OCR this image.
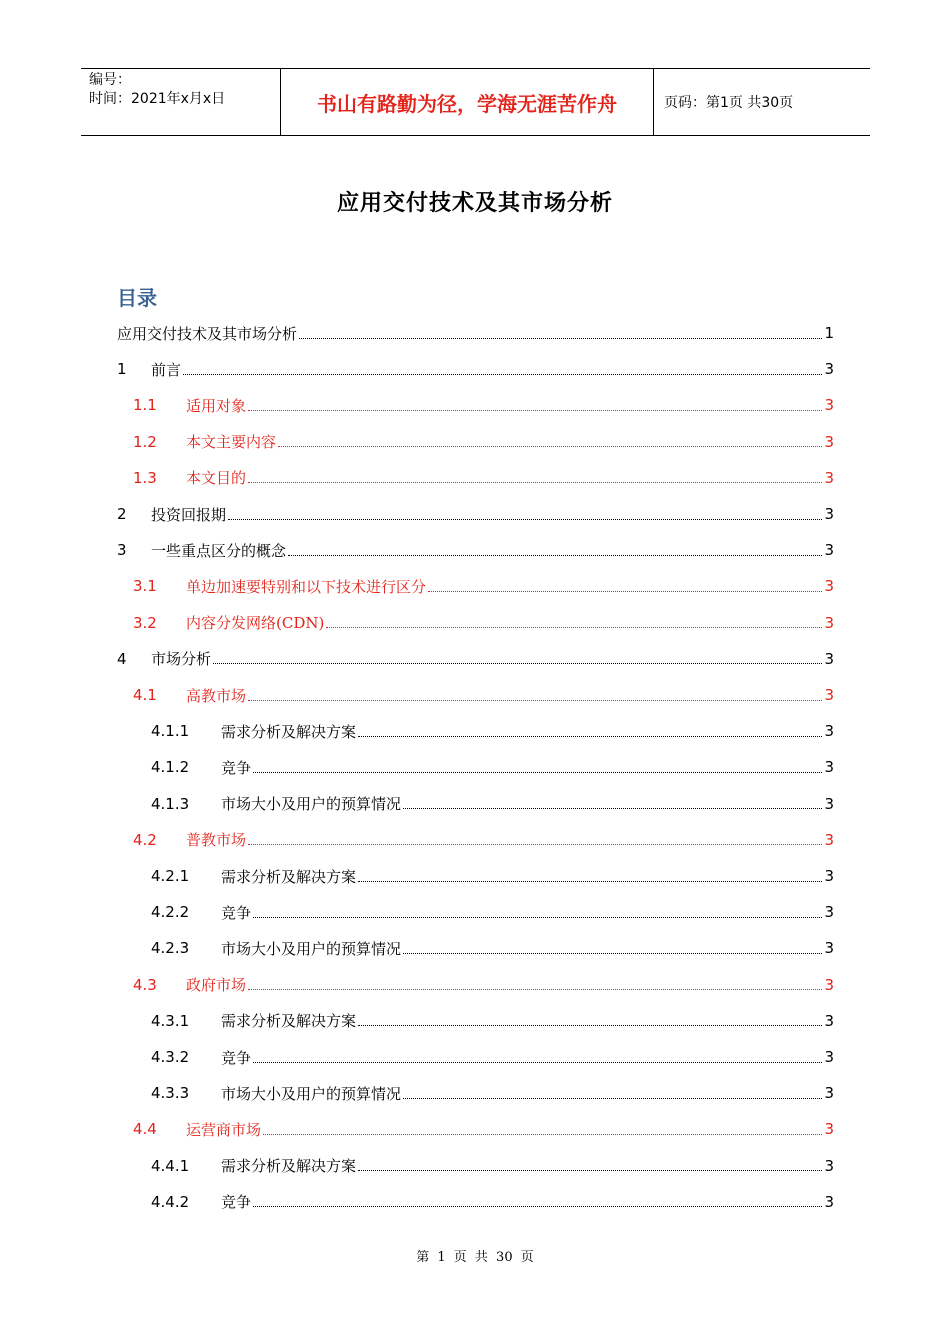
编号：
时间：2021年x月x日	书山有路勤为径，学海无涯苦作舟	页码：第1页 共30页
应用交付技术及其市场分析
目录
应用交付技术及其市场分析	1
1	前言	3
1.1	适用对象	3
1.2	本文主要内容	3
1.3	本文目的	3
2	投资回报期	3
3	一些重点区分的概念	3
3.1	单边加速要特别和以下技术进行区分	3
3.2	内容分发网络(CDN)	3
4	市场分析	3
4.1	高教市场	3
4.1.1	需求分析及解决方案	3
4.1.2	竞争	3
4.1.3	市场大小及用户的预算情况	3
4.2	普教市场	3
4.2.1	需求分析及解决方案	3
4.2.2	竞争	3
4.2.3	市场大小及用户的预算情况	3
4.3	政府市场	3
4.3.1	需求分析及解决方案	3
4.3.2	竞争	3
4.3.3	市场大小及用户的预算情况	3
4.4	运营商市场	3
4.4.1	需求分析及解决方案	3
4.4.2	竞争	3
第 1 页 共 30 页
